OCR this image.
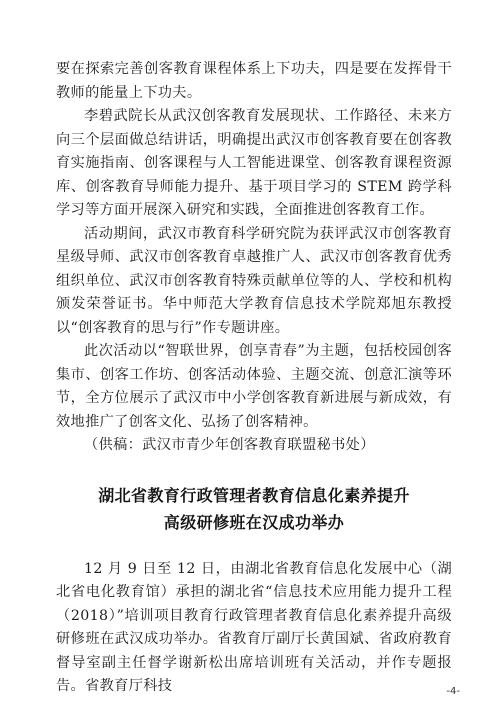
要在探索完善创客教育课程体系上下功夫，四是要在发挥骨干教师的能量上下功夫。

李碧武院长从武汉创客教育发展现状、工作路径、未来方向三个层面做总结讲话，明确提出武汉市创客教育要在创客教育实施指南、创客课程与人工智能进课堂、创客教育课程资源库、创客教育导师能力提升、基于项目学习的 STEM 跨学科学习等方面开展深入研究和实践，全面推进创客教育工作。

活动期间，武汉市教育科学研究院为获评武汉市创客教育星级导师、武汉市创客教育卓越推广人、武汉市创客教育优秀组织单位、武汉市创客教育特殊贡献单位等的人、学校和机构颁发荣誉证书。华中师范大学教育信息技术学院郑旭东教授以“创客教育的思与行”作专题讲座。

此次活动以“智联世界，创享青春”为主题，包括校园创客集市、创客工作坊、创客活动体验、主题交流、创意汇演等环节，全方位展示了武汉市中小学创客教育新进展与新成效，有效地推广了创客文化、弘扬了创客精神。

（供稿：武汉市青少年创客教育联盟秘书处）

湖北省教育行政管理者教育信息化素养提升
高级研修班在汉成功举办

12 月 9 日至 12 日，由湖北省教育信息化发展中心（湖北省电化教育馆）承担的湖北省“信息技术应用能力提升工程（2018）”培训项目教育行政管理者教育信息化素养提升高级研修班在武汉成功举办。省教育厅副厅长黄国斌、省政府教育督导室副主任督学谢新松出席培训班有关活动，并作专题报告。省教育厅科技	-4-
